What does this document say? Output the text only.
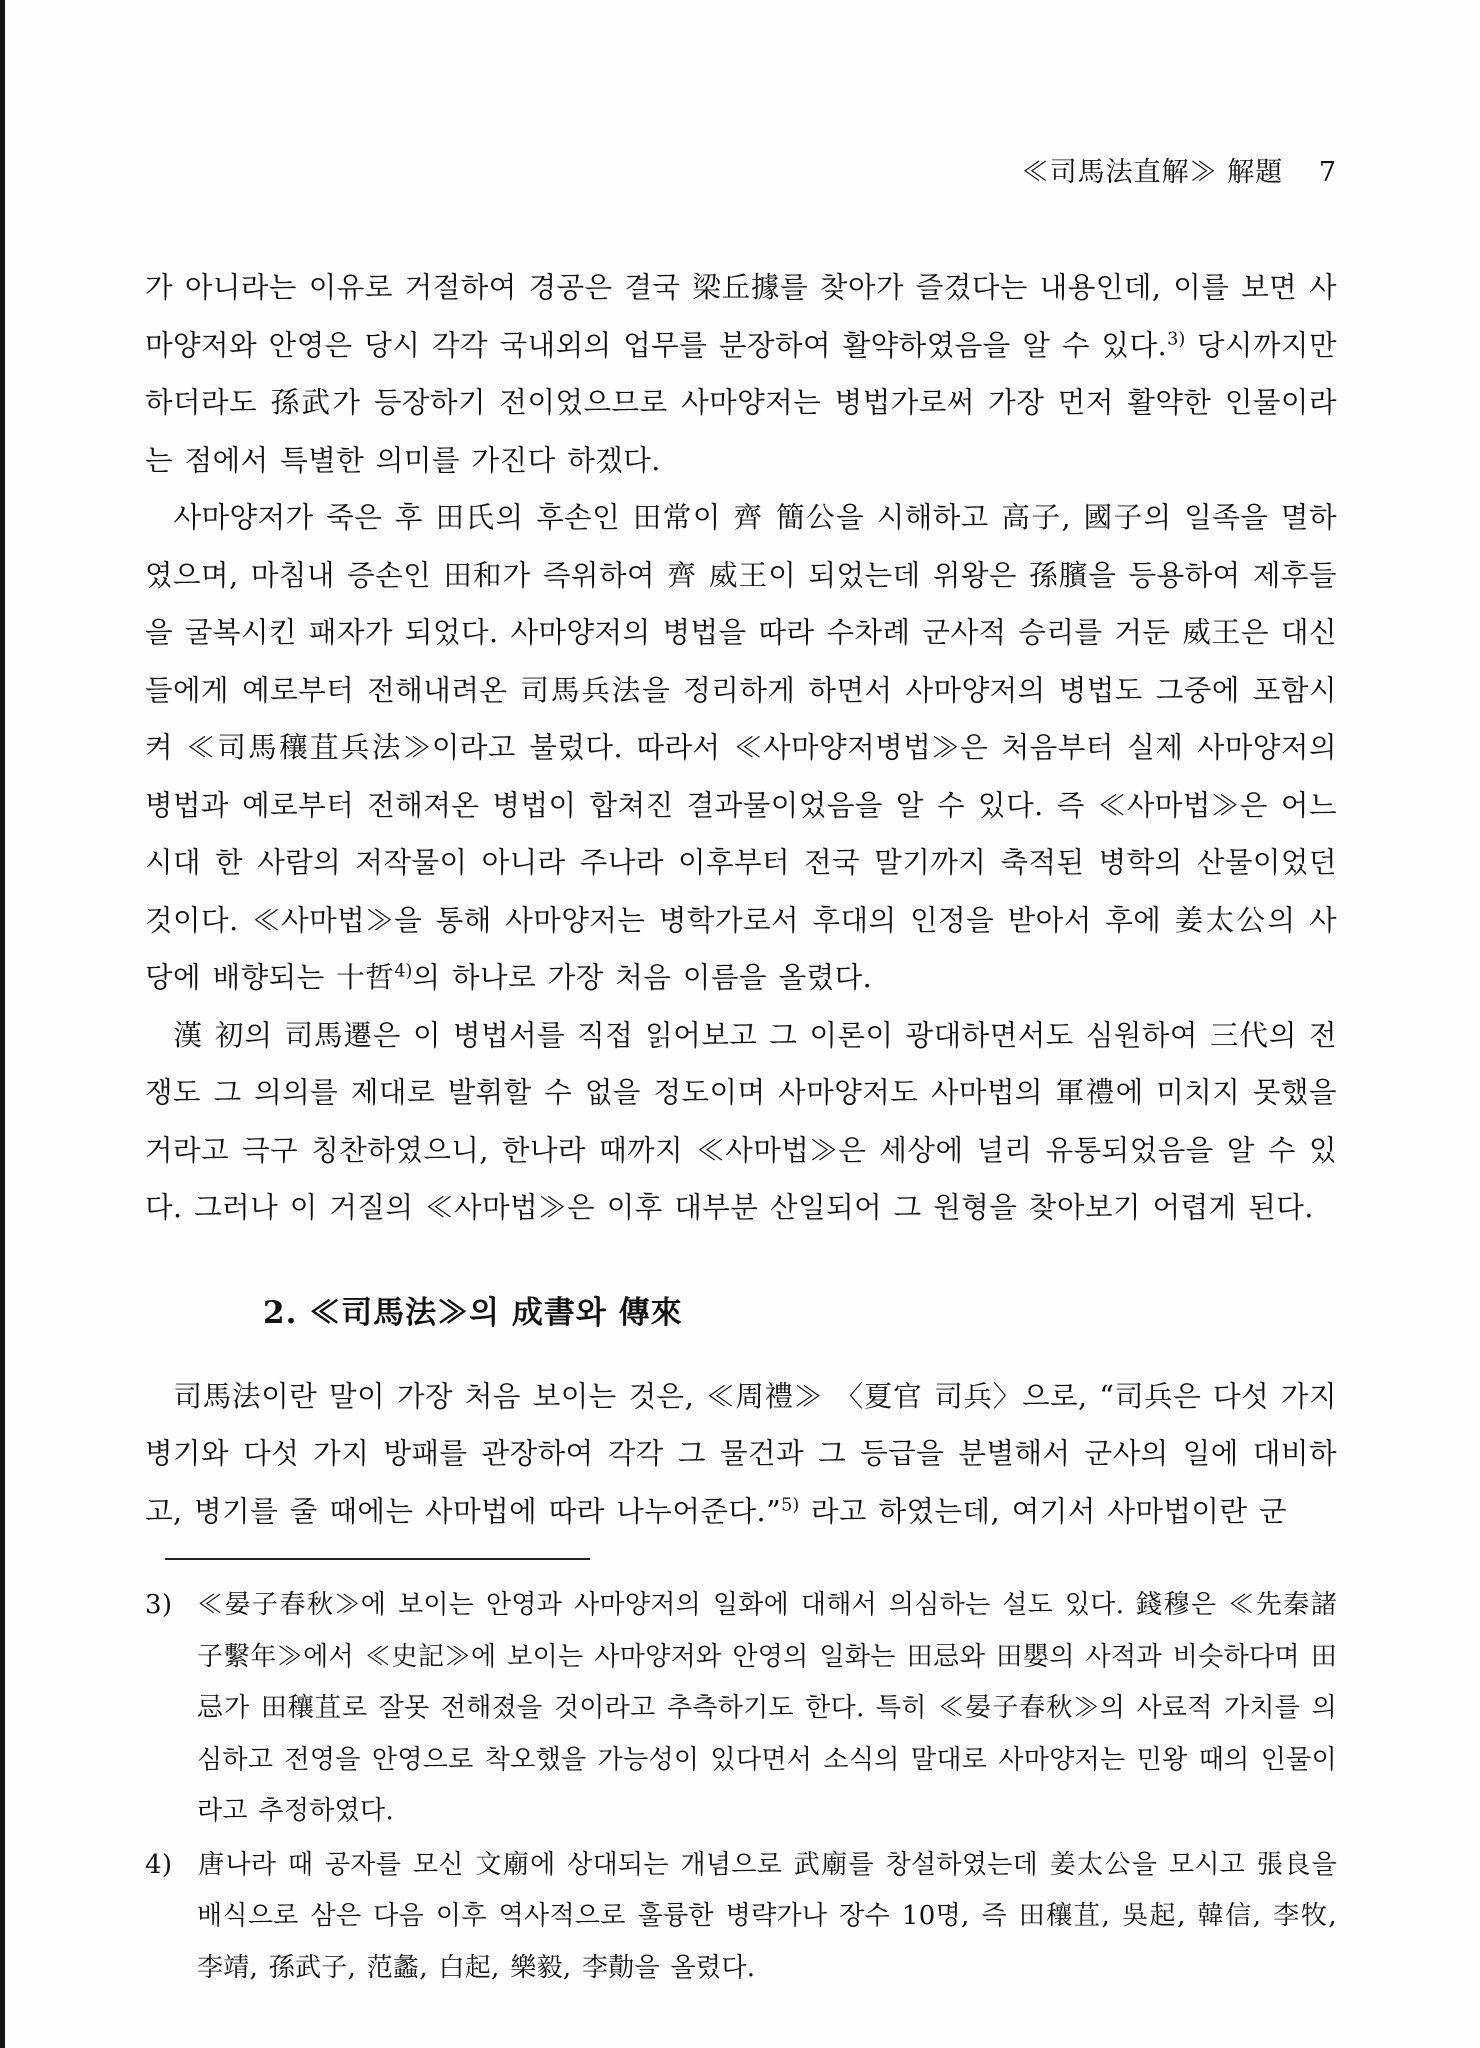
≪司馬法直解≫ 解題 7

가 아니라는 이유로 거절하여 경공은 결국 梁丘據를 찾아가 즐겼다는 내용인데, 이를 보면 사마양저와 안영은 당시 각각 국내외의 업무를 분장하여 활약하였음을 알 수 있다.$^{3)}$ 당시까지만 하더라도 孫武가 등장하기 전이었으므로 사마양저는 병법가로써 가장 먼저 활약한 인물이라는 점에서 특별한 의미를 가진다 하겠다.

사마양저가 죽은 후 田氏의 후손인 田常이 齊 簡公을 시해하고 高子, 國子의 일족을 멸하였으며, 마침내 증손인 田和가 즉위하여 齊 威王이 되었는데 위왕은 孫臏을 등용하여 제후들을 굴복시킨 패자가 되었다. 사마양저의 병법을 따라 수차례 군사적 승리를 거둔 威王은 대신들에게 예로부터 전해내려온 司馬兵法을 정리하게 하면서 사마양저의 병법도 그중에 포함시켜 ≪司馬穰苴兵法≫이라고 불렀다. 따라서 ≪사마양저병법≫은 처음부터 실제 사마양저의 병법과 예로부터 전해져온 병법이 합쳐진 결과물이었음을 알 수 있다. 즉 ≪사마법≫은 어느 시대 한 사람의 저작물이 아니라 주나라 이후부터 전국 말기까지 축적된 병학의 산물이었던 것이다. ≪사마법≫을 통해 사마양저는 병학가로서 후대의 인정을 받아서 후에 姜太公의 사당에 배향되는 十哲$^{4)}$의 하나로 가장 처음 이름을 올렸다.

漢 初의 司馬遷은 이 병법서를 직접 읽어보고 그 이론이 광대하면서도 심원하여 三代의 전쟁도 그 의의를 제대로 발휘할 수 없을 정도이며 사마양저도 사마법의 軍禮에 미치지 못했을 거라고 극구 칭찬하였으니, 한나라 때까지 ≪사마법≫은 세상에 널리 유통되었음을 알 수 있다. 그러나 이 거질의 ≪사마법≫은 이후 대부분 산일되어 그 원형을 찾아보기 어렵게 된다.

2. ≪司馬法≫의 成書와 傳來

司馬法이란 말이 가장 처음 보이는 것은, ≪周禮≫ 〈夏官 司兵〉으로, “司兵은 다섯 가지 병기와 다섯 가지 방패를 관장하여 각각 그 물건과 그 등급을 분별해서 군사의 일에 대비하고, 병기를 줄 때에는 사마법에 따라 나누어준다.”$^{5)}$ 라고 하였는데, 여기서 사마법이란 군

3) ≪晏子春秋≫에 보이는 안영과 사마양저의 일화에 대해서 의심하는 설도 있다. 錢穆은 ≪先秦諸子繫年≫에서 ≪史記≫에 보이는 사마양저와 안영의 일화는 田忌와 田嬰의 사적과 비슷하다며 田忌가 田穰苴로 잘못 전해졌을 것이라고 추측하기도 한다. 특히 ≪晏子春秋≫의 사료적 가치를 의심하고 전영을 안영으로 착오했을 가능성이 있다면서 소식의 말대로 사마양저는 민왕 때의 인물이라고 추정하였다.
4) 唐나라 때 공자를 모신 文廟에 상대되는 개념으로 武廟를 창설하였는데 姜太公을 모시고 張良을 배식으로 삼은 다음 이후 역사적으로 훌륭한 병략가나 장수 10명, 즉 田穰苴, 吳起, 韓信, 李牧, 李靖, 孫武子, 范蠡, 白起, 樂毅, 李勣을 올렸다.
